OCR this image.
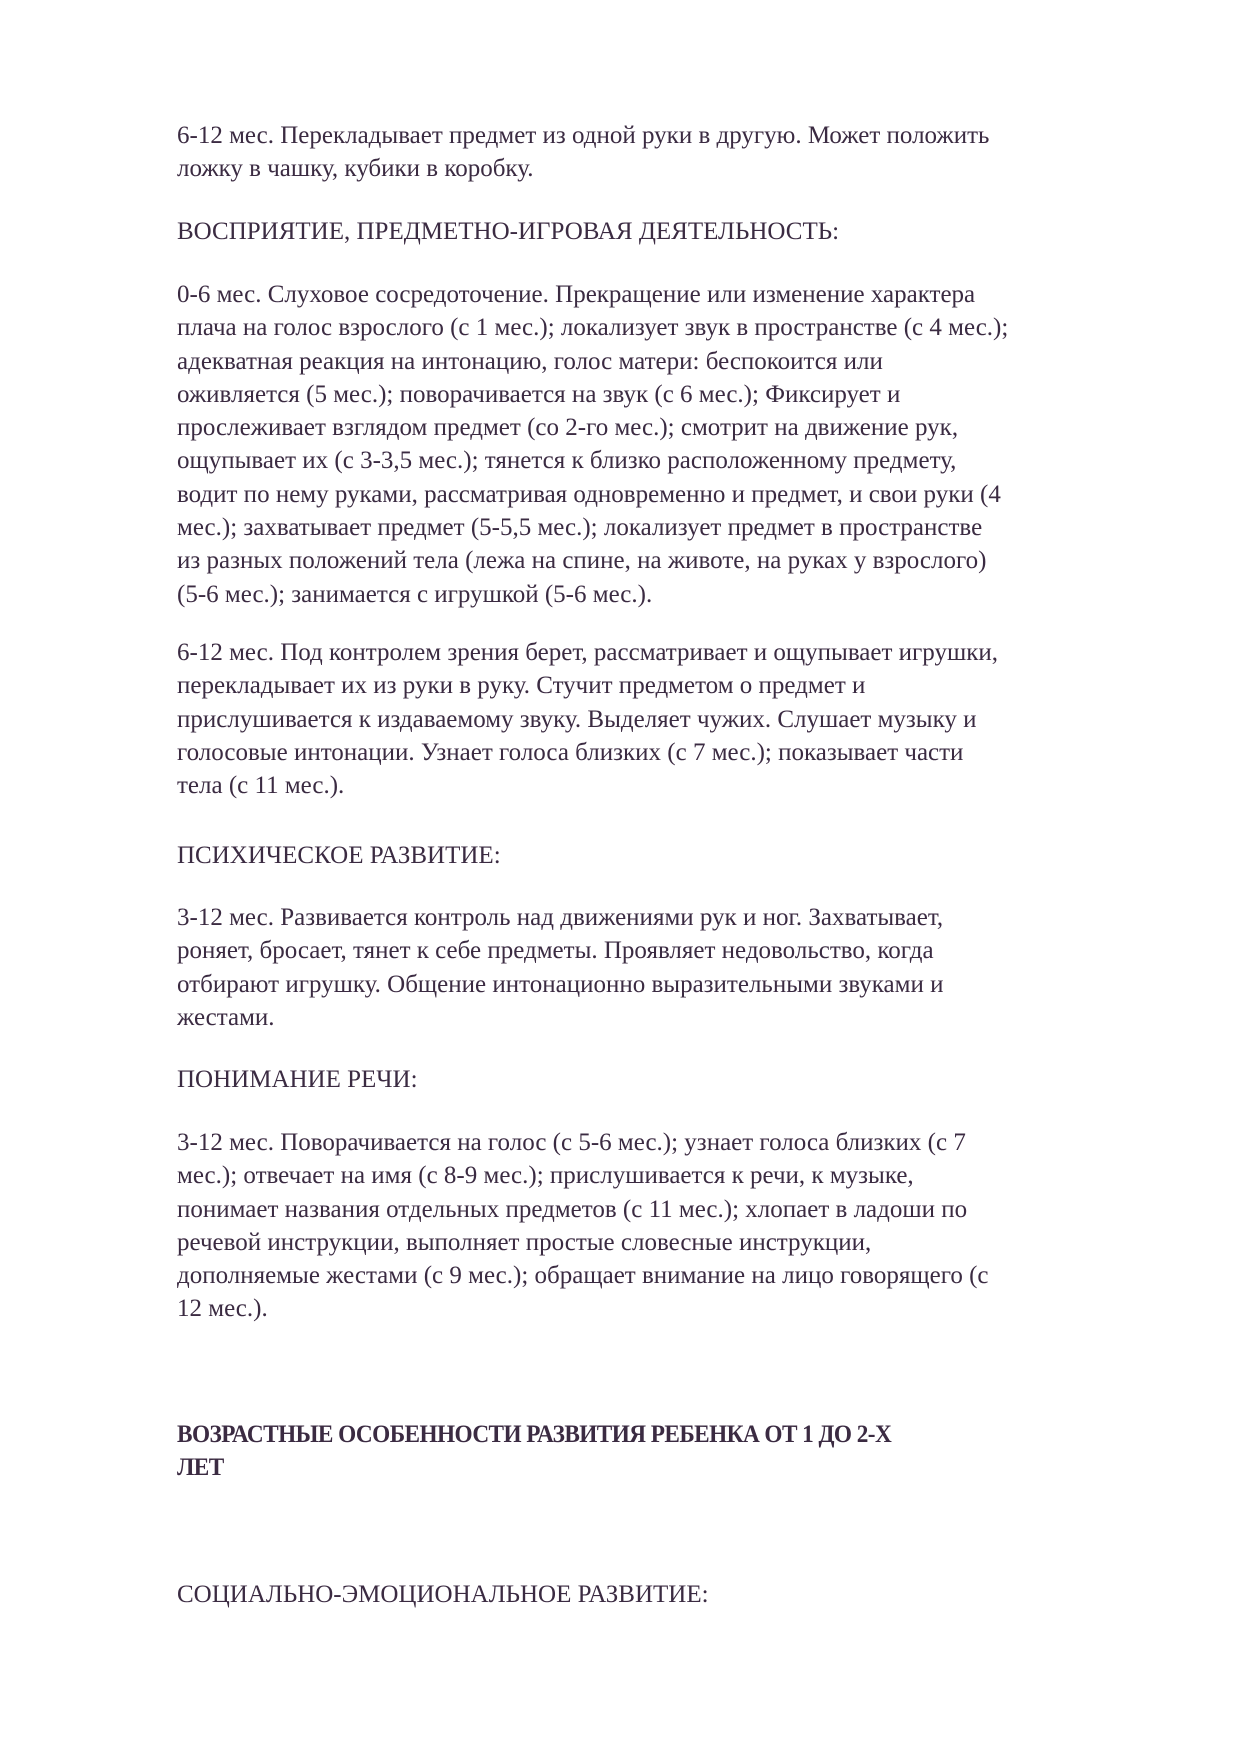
6-12 мес. Перекладывает предмет из одной руки в другую. Может положить
ложку в чашку, кубики в коробку.
ВОСПРИЯТИЕ, ПРЕДМЕТНО-ИГРОВАЯ ДЕЯТЕЛЬНОСТЬ:
0-6 мес. Слуховое сосредоточение. Прекращение или изменение характера
плача на голос взрослого (с 1 мес.); локализует звук в пространстве (с 4 мес.);
адекватная реакция на интонацию, голос матери: беспокоится или
оживляется (5 мес.); поворачивается на звук (с 6 мес.); Фиксирует и
прослеживает взглядом предмет (со 2-го мес.); смотрит на движение рук,
ощупывает их (с 3-3,5 мес.); тянется к близко расположенному предмету,
водит по нему руками, рассматривая одновременно и предмет, и свои руки (4
мес.); захватывает предмет (5-5,5 мес.); локализует предмет в пространстве
из разных положений тела (лежа на спине, на животе, на руках у взрослого)
(5-6 мес.); занимается с игрушкой (5-6 мес.).
6-12 мес. Под контролем зрения берет, рассматривает и ощупывает игрушки,
перекладывает их из руки в руку. Стучит предметом о предмет и
прислушивается к издаваемому звуку. Выделяет чужих. Слушает музыку и
голосовые интонации. Узнает голоса близких (с 7 мес.); показывает части
тела (с 11 мес.).
ПСИХИЧЕСКОЕ РАЗВИТИЕ:
3-12 мес. Развивается контроль над движениями рук и ног. Захватывает,
роняет, бросает, тянет к себе предметы. Проявляет недовольство, когда
отбирают игрушку. Общение интонационно выразительными звуками и
жестами.
ПОНИМАНИЕ РЕЧИ:
3-12 мес. Поворачивается на голос (с 5-6 мес.); узнает голоса близких (с 7
мес.); отвечает на имя (с 8-9 мес.); прислушивается к речи, к музыке,
понимает названия отдельных предметов (с 11 мес.); хлопает в ладоши по
речевой инструкции, выполняет простые словесные инструкции,
дополняемые жестами (с 9 мес.); обращает внимание на лицо говорящего (с
12 мес.).
ВОЗРАСТНЫЕ ОСОБЕННОСТИ РАЗВИТИЯ РЕБЕНКА ОТ 1 ДО 2-Х
ЛЕТ
СОЦИАЛЬНО-ЭМОЦИОНАЛЬНОЕ РАЗВИТИЕ:
